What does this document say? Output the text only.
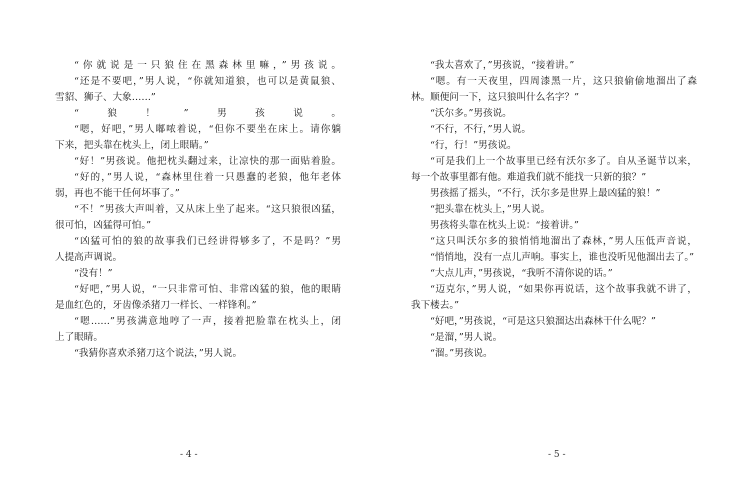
“你就说是一只狼住在黑森林里嘛，”男孩说。
“还是不要吧，”男人说，“你就知道狼，也可以是黄鼠狼、
雪貂、狮子、大象……”
“狼！”男孩说。
“嗯，好吧，”男人嘟哝着说，“但你不要坐在床上。请你躺
下来，把头靠在枕头上，闭上眼睛。”
“好！”男孩说。他把枕头翻过来，让凉快的那一面贴着脸。
“好的，”男人说，“森林里住着一只愚蠢的老狼，他年老体
弱，再也不能干任何坏事了。”
“不！”男孩大声叫着，又从床上坐了起来。“这只狼很凶猛，
很可怕，凶猛得可怕。”
“凶猛可怕的狼的故事我们已经讲得够多了，不是吗？”男
人提高声调说。
“没有！”
“好吧，”男人说，“一只非常可怕、非常凶猛的狼，他的眼睛
是血红色的，牙齿像杀猪刀一样长、一样锋利。”
“嗯……”男孩满意地哼了一声，接着把脸靠在枕头上，闭
上了眼睛。
“我猜你喜欢杀猪刀这个说法，”男人说。
“我太喜欢了，”男孩说，“接着讲。”
“嗯。有一天夜里，四周漆黑一片，这只狼偷偷地溜出了森
林。顺便问一下，这只狼叫什么名字？”
“沃尔多。”男孩说。
“不行，不行，”男人说。
“行，行！”男孩说。
“可是我们上一个故事里已经有沃尔多了。自从圣诞节以来，
每一个故事里都有他。难道我们就不能找一只新的狼？”
男孩摇了摇头，“不行，沃尔多是世界上最凶猛的狼！”
“把头靠在枕头上，”男人说。
男孩将头靠在枕头上说：“接着讲。”
“这只叫沃尔多的狼悄悄地溜出了森林，”男人压低声音说，
“悄悄地，没有一点儿声响。事实上，谁也没听见他溜出去了。”
“大点儿声，”男孩说，“我听不清你说的话。”
“迈克尔，”男人说，“如果你再说话，这个故事我就不讲了，
我下楼去。”
“好吧，”男孩说，“可是这只狼溜达出森林干什么呢？”
“是溜，”男人说。
“溜。”男孩说。
- 4 -	- 5 -
